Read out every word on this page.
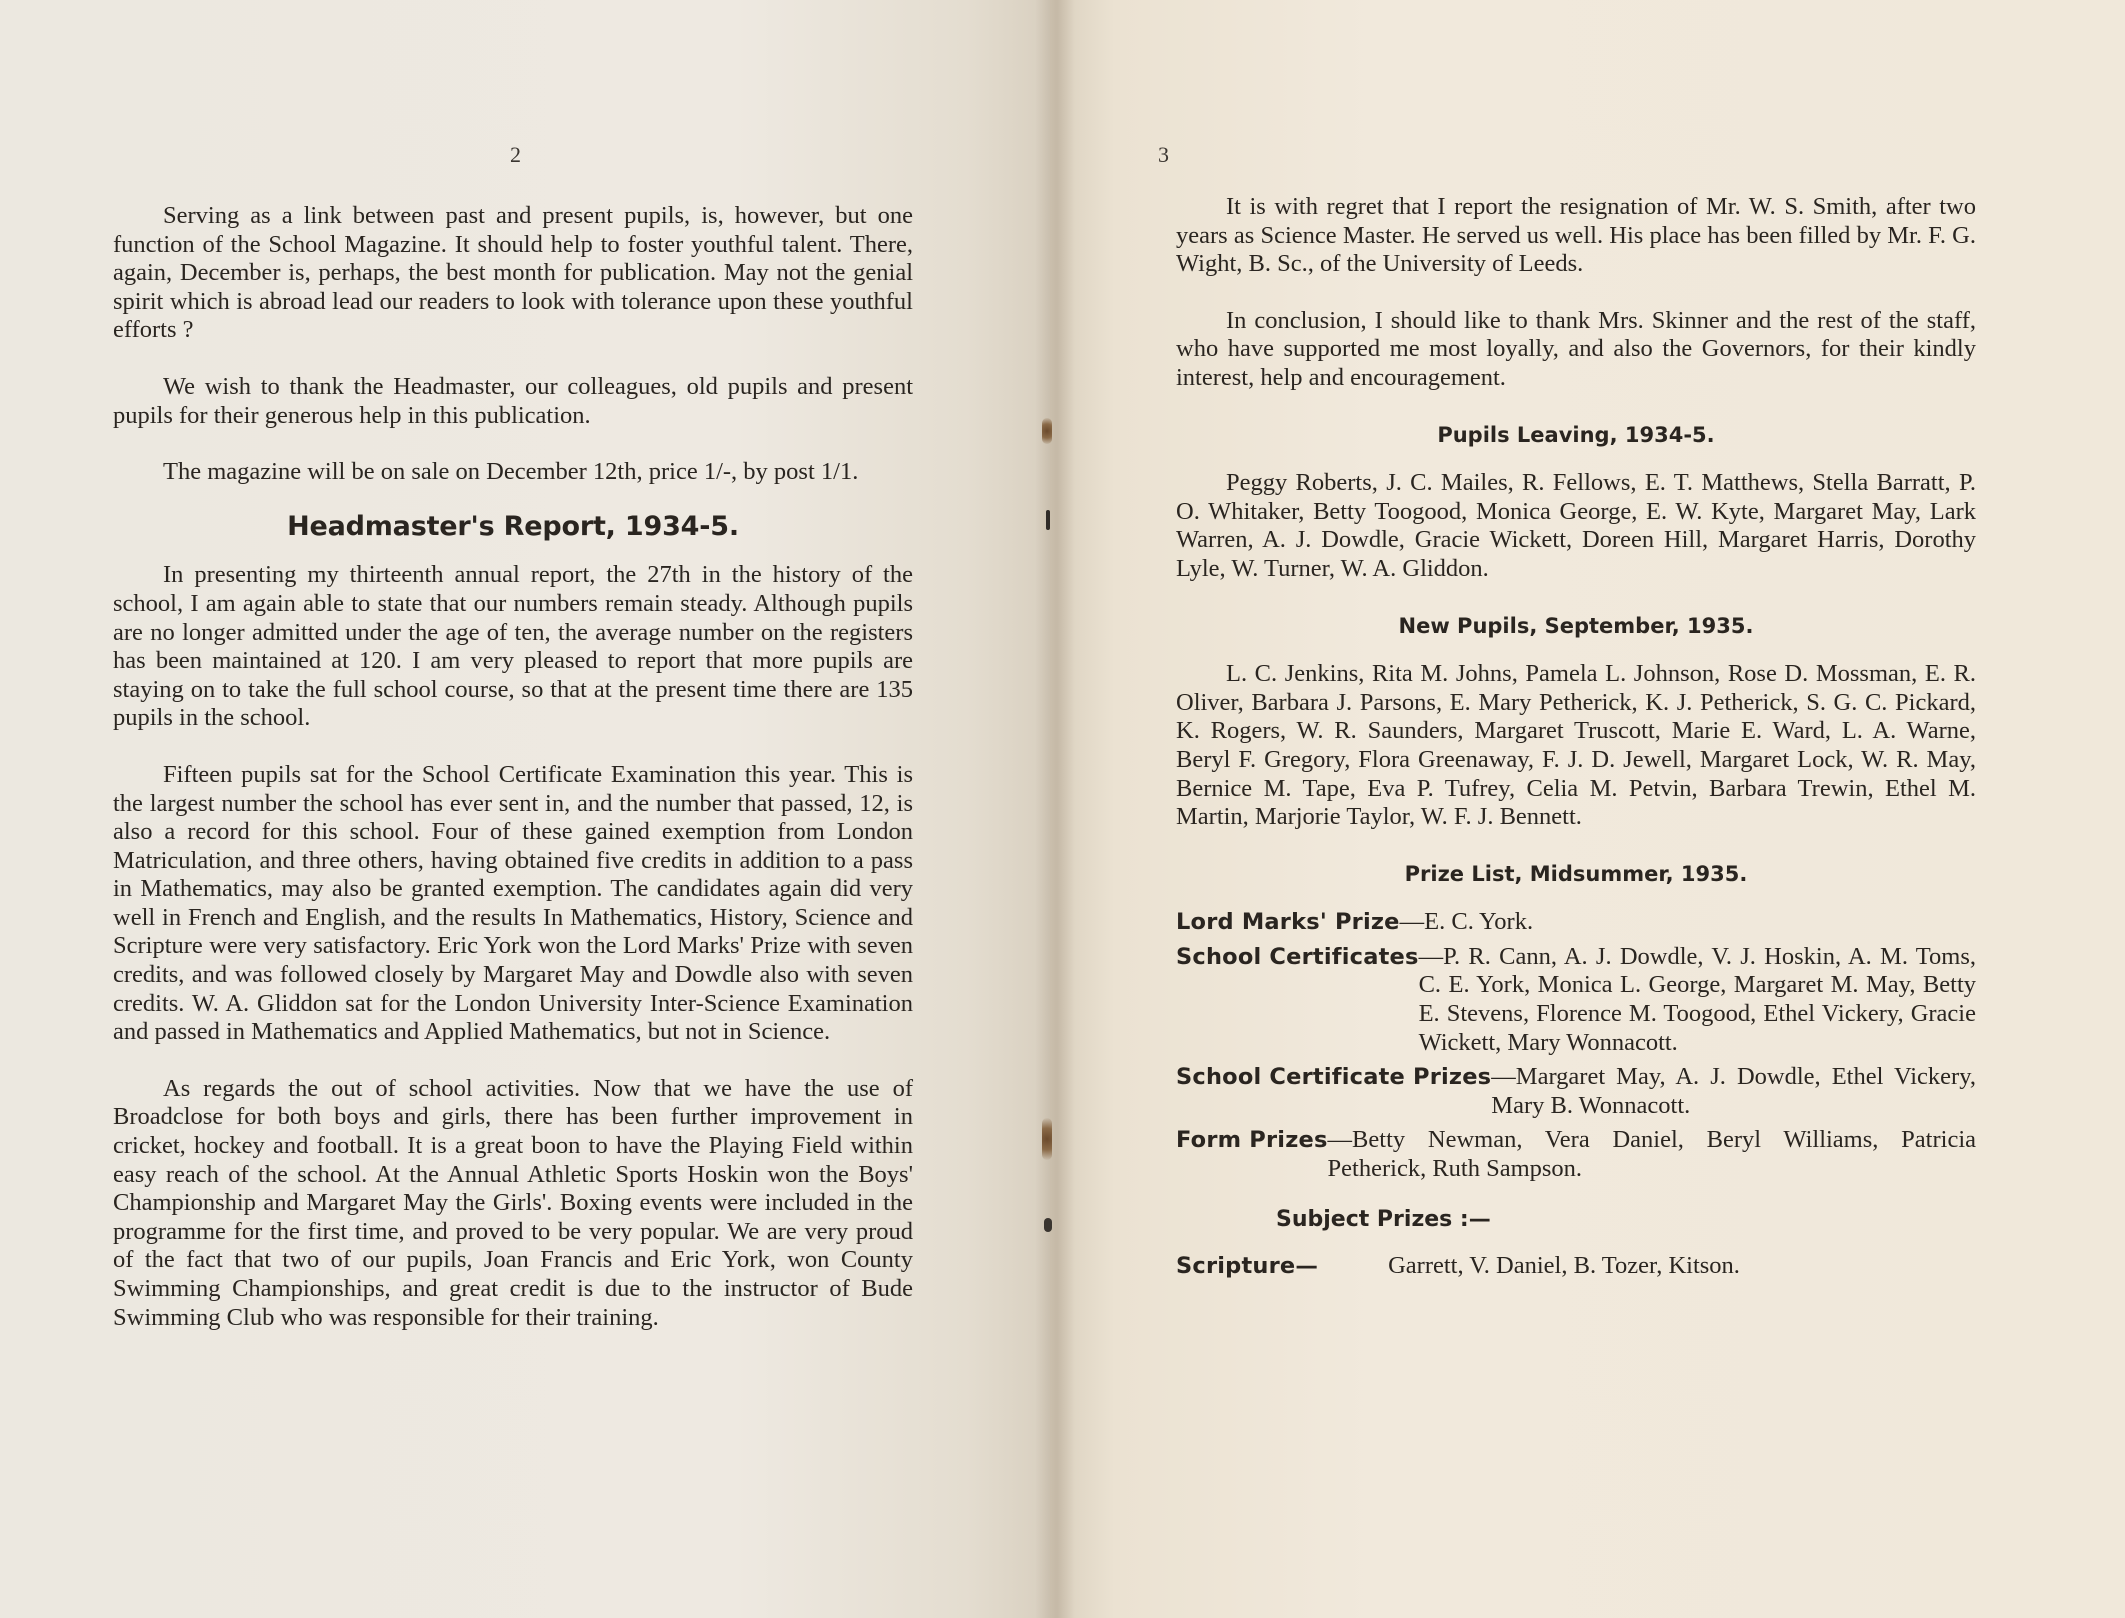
2

Serving as a link between past and present pupils, is, however, but one function of the School Magazine. It should help to foster youthful talent. There, again, December is, perhaps, the best month for publication. May not the genial spirit which is abroad lead our readers to look with tolerance upon these youthful efforts ?

We wish to thank the Headmaster, our colleagues, old pupils and present pupils for their generous help in this publication.

The magazine will be on sale on December 12th, price 1/-, by post 1/1.

Headmaster's Report, 1934-5.

In presenting my thirteenth annual report, the 27th in the history of the school, I am again able to state that our numbers remain steady. Although pupils are no longer admitted under the age of ten, the average number on the registers has been maintained at 120. I am very pleased to report that more pupils are staying on to take the full school course, so that at the present time there are 135 pupils in the school.

Fifteen pupils sat for the School Certificate Examination this year. This is the largest number the school has ever sent in, and the number that passed, 12, is also a record for this school. Four of these gained exemption from London Matriculation, and three others, having obtained five credits in addition to a pass in Mathematics, may also be granted exemption. The candidates again did very well in French and English, and the results In Mathematics, History, Science and Scripture were very satisfactory. Eric York won the Lord Marks' Prize with seven credits, and was followed closely by Margaret May and Dowdle also with seven credits. W. A. Gliddon sat for the London University Inter-Science Examination and passed in Mathematics and Applied Mathematics, but not in Science.

As regards the out of school activities. Now that we have the use of Broadclose for both boys and girls, there has been further improvement in cricket, hockey and football. It is a great boon to have the Playing Field within easy reach of the school. At the Annual Athletic Sports Hoskin won the Boys' Championship and Margaret May the Girls'. Boxing events were included in the programme for the first time, and proved to be very popular. We are very proud of the fact that two of our pupils, Joan Francis and Eric York, won County Swimming Championships, and great credit is due to the instructor of Bude Swimming Club who was responsible for their training.

3

It is with regret that I report the resignation of Mr. W. S. Smith, after two years as Science Master. He served us well. His place has been filled by Mr. F. G. Wight, B. Sc., of the University of Leeds.

In conclusion, I should like to thank Mrs. Skinner and the rest of the staff, who have supported me most loyally, and also the Governors, for their kindly interest, help and encouragement.

Pupils Leaving, 1934-5.

Peggy Roberts, J. C. Mailes, R. Fellows, E. T. Matthews, Stella Barratt, P. O. Whitaker, Betty Toogood, Monica George, E. W. Kyte, Margaret May, Lark Warren, A. J. Dowdle, Gracie Wickett, Doreen Hill, Margaret Harris, Dorothy Lyle, W. Turner, W. A. Gliddon.

New Pupils, September, 1935.

L. C. Jenkins, Rita M. Johns, Pamela L. Johnson, Rose D. Mossman, E. R. Oliver, Barbara J. Parsons, E. Mary Petherick, K. J. Petherick, S. G. C. Pickard, K. Rogers, W. R. Saunders, Margaret Truscott, Marie E. Ward, L. A. Warne, Beryl F. Gregory, Flora Greenaway, F. J. D. Jewell, Margaret Lock, W. R. May, Bernice M. Tape, Eva P. Tufrey, Celia M. Petvin, Barbara Trewin, Ethel M. Martin, Marjorie Taylor, W. F. J. Bennett.

Prize List, Midsummer, 1935.
Lord Marks' Prize —E. C. York.
School Certificates —P. R. Cann, A. J. Dowdle, V. J. Hoskin, A. M. Toms, C. E. York, Monica L. George, Margaret M. May, Betty E. Stevens, Florence M. Toogood, Ethel Vickery, Gracie Wickett, Mary Wonnacott.
School Certificate Prizes —Margaret May, A. J. Dowdle, Ethel Vickery, Mary B. Wonnacott.
Form Prizes —Betty Newman, Vera Daniel, Beryl Williams, Patricia Petherick, Ruth Sampson.
Subject Prizes :—
Scripture—	Garrett, V. Daniel, B. Tozer, Kitson.
